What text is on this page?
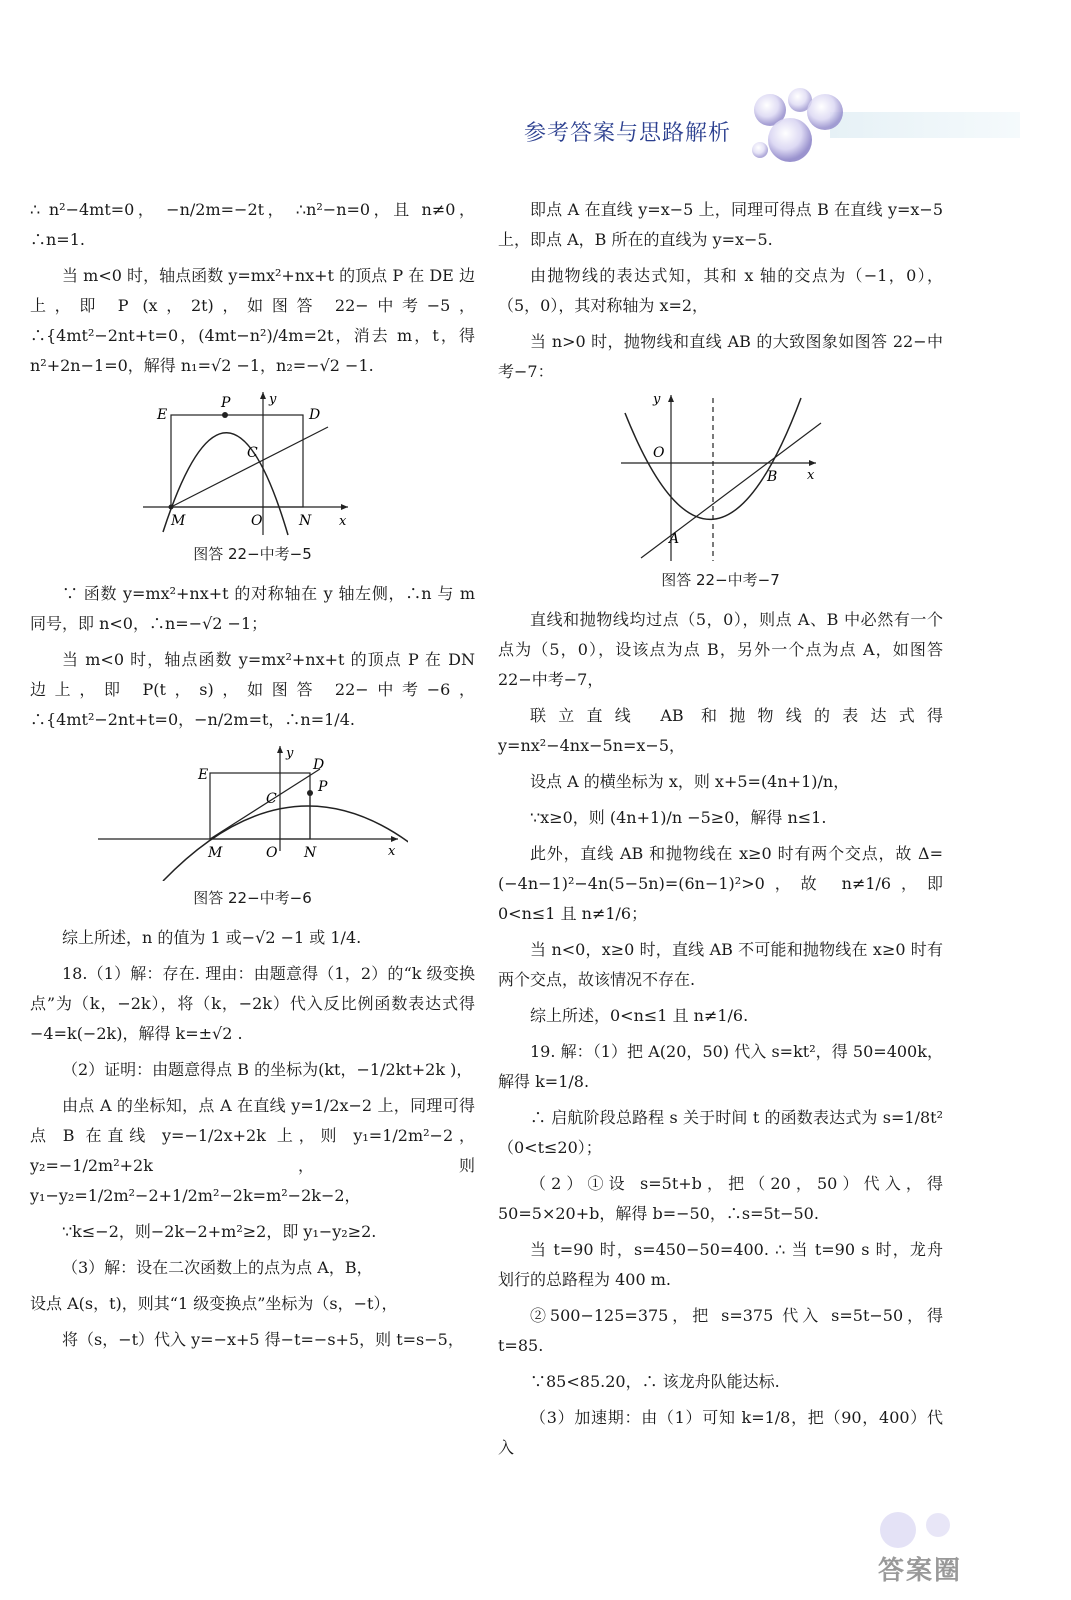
参考答案与思路解析

∴ n²−4mt=0， −n/2m=−2t， ∴n²−n=0，且 n≠0，∴n=1.

当 m<0 时，轴点函数 y=mx²+nx+t 的顶点 P 在 DE 边上，即 P (x，2t)，如图答 22−中考−5，∴{4mt²−2nt+t=0，(4mt−n²)/4m=2t，消去 m，t，得n²+2n−1=0，解得 n₁=√2 −1，n₂=−√2 −1.

E
P
D
C
M	O	N x
y
图答 22−中考−5

∵ 函数 y=mx²+nx+t 的对称轴在 y 轴左侧，∴n 与 m 同号，即 n<0，∴n=−√2 −1；

当 m<0 时，轴点函数 y=mx²+nx+t 的顶点 P 在 DN 边上，即 P(t，s)，如图答 22−中考−6，∴{4mt²−2nt+t=0，−n/2m=t，∴n=1/4.

E
D
C
P
M	O N	x
y
图答 22−中考−6

综上所述，n 的值为 1 或−√2 −1 或 1/4.

18.（1）解：存在. 理由：由题意得（1，2）的“k 级变换点”为（k，−2k），将（k，−2k）代入反比例函数表达式得−4=k(−2k)，解得 k=±√2 .

（2）证明：由题意得点 B 的坐标为(kt，−1/2kt+2k )，

由点 A 的坐标知，点 A 在直线 y=1/2x−2 上，同理可得点 B 在直线 y=−1/2x+2k 上，则 y₁=1/2m²−2，y₂=−1/2m²+2k，则 y₁−y₂=1/2m²−2+1/2m²−2k=m²−2k−2，

∵k≤−2，则−2k−2+m²≥2，即 y₁−y₂≥2.

（3）解：设在二次函数上的点为点 A，B，

设点 A(s，t)，则其“1 级变换点”坐标为（s，−t），

将（s，−t）代入 y=−x+5 得−t=−s+5，则 t=s−5，

即点 A 在直线 y=x−5 上，同理可得点 B 在直线 y=x−5 上，即点 A，B 所在的直线为 y=x−5.

由抛物线的表达式知，其和 x 轴的交点为（−1，0），（5，0），其对称轴为 x=2，

当 n>0 时，抛物线和直线 AB 的大致图象如图答 22−中考−7：

y
O
B x
A
图答 22−中考−7

直线和抛物线均过点（5，0），则点 A、B 中必然有一个点为（5，0），设该点为点 B，另外一个点为点 A，如图答 22−中考−7，

联立直线 AB 和抛物线的表达式得 y=nx²−4nx−5n=x−5，

设点 A 的横坐标为 x，则 x+5=(4n+1)/n，

∵x≥0，则 (4n+1)/n −5≥0，解得 n≤1.

此外，直线 AB 和抛物线在 x≥0 时有两个交点，故 Δ=(−4n−1)²−4n(5−5n)=(6n−1)²>0，故 n≠1/6，即 0<n≤1 且 n≠1/6；

当 n<0，x≥0 时，直线 AB 不可能和抛物线在 x≥0 时有两个交点，故该情况不存在.

综上所述，0<n≤1 且 n≠1/6.

19. 解：（1）把 A(20，50) 代入 s=kt²，得 50=400k，解得 k=1/8.

∴ 启航阶段总路程 s 关于时间 t 的函数表达式为 s=1/8t²（0<t≤20）；

（2）①设 s=5t+b，把（20，50）代入，得 50=5×20+b，解得 b=−50，∴s=5t−50.

当 t=90 时，s=450−50=400. ∴ 当 t=90 s 时，龙舟划行的总路程为 400 m.

②500−125=375，把 s=375 代入 s=5t−50，得 t=85.

∵85<85.20，∴ 该龙舟队能达标.

（3）加速期：由（1）可知 k=1/8，把（90，400）代入

答案圈
